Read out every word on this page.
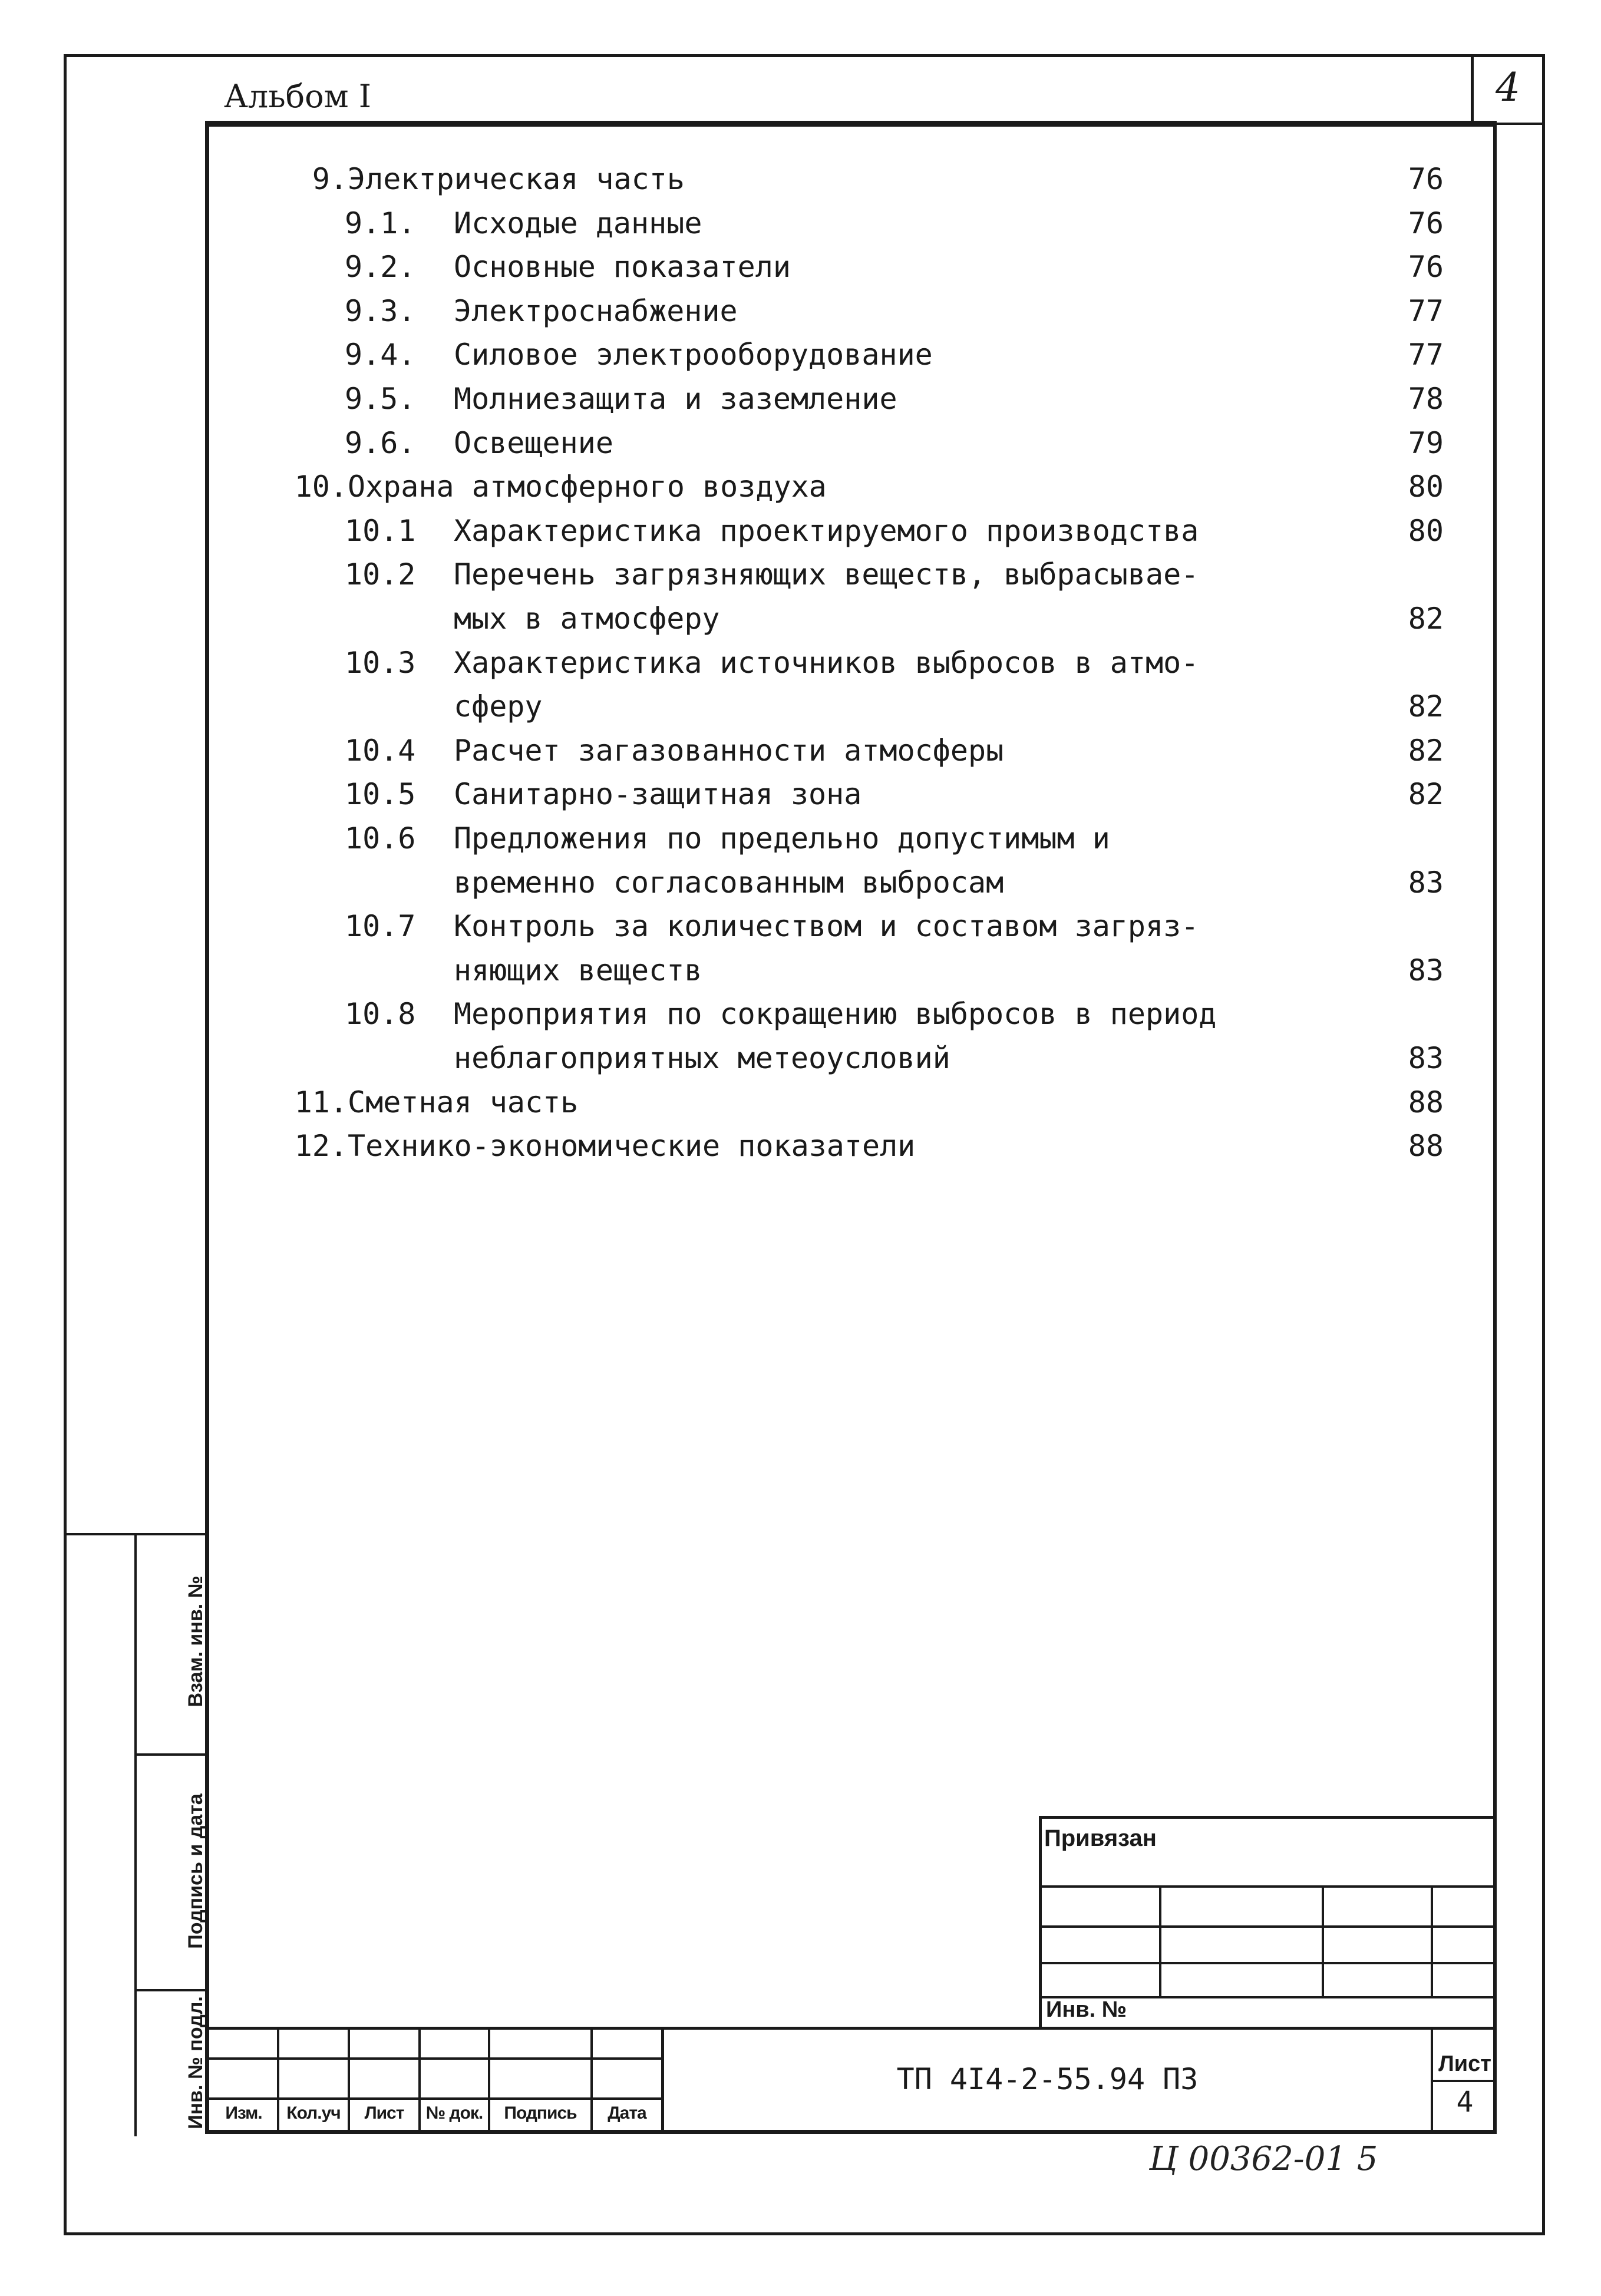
Альбом I	4
9. Электрическая часть	76
9.1. Исходые данные	76
9.2. Основные показатели	76
9.3. Электроснабжение	77
9.4. Силовое электрооборудование	77
9.5. Молниезащита и заземление	78
9.6. Освещение	79
10. Охрана атмосферного воздуха	80
10.1 Характеристика проектируемого производства	80
10.2 Перечень загрязняющих веществ, выбрасывае-
мых в атмосферу	82
10.3 Характеристика источников выбросов в атмо-
сферу	82
10.4 Расчет загазованности атмосферы	82
10.5 Санитарно-защитная зона	82
10.6 Предложения по предельно допустимым и
временно согласованным выбросам	83
10.7 Контроль за количеством и составом загряз-
няющих веществ	83
10.8 Мероприятия по сокращению выбросов в период
неблагоприятных метеоусловий	83
11. Сметная часть	88
12. Технико-экономические показатели	88
Взам. инв. №
Подпись и дата
Инв. № подл.
Привязан
Инв. №
Изм.	Кол.уч	Лист	№ док.	Подпись	Дата
ТП 4I4-2-55.94 ПЗ	Лист
4
Ц 00362-01 5
